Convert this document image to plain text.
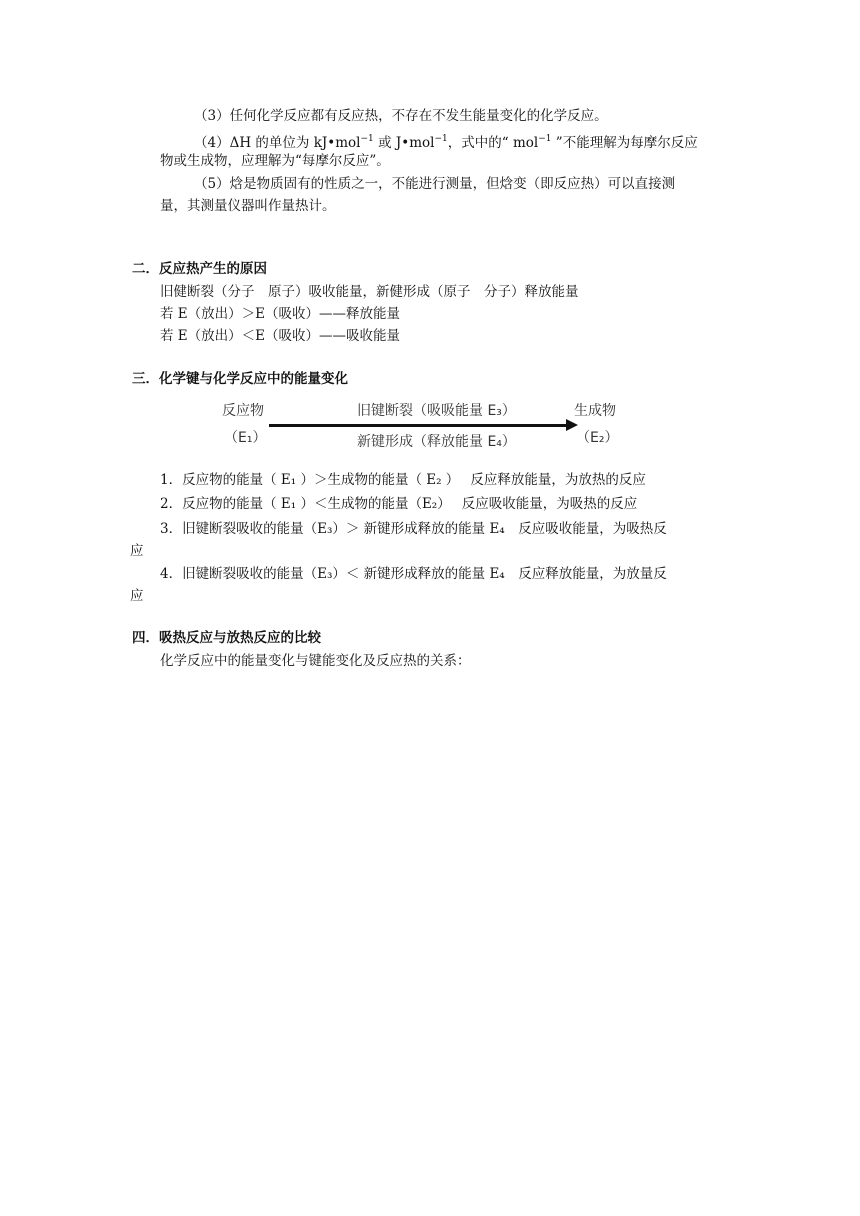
（3）任何化学反应都有反应热，不存在不发生能量变化的化学反应。
（4）ΔH 的单位为 kJ•mol$^{-1}$ 或 J•mol$^{-1}$，式中的“ mol$^{-1}$ ”不能理解为每摩尔反应
物或生成物，应理解为“每摩尔反应”。
（5）焓是物质固有的性质之一，不能进行测量，但焓变（即反应热）可以直接测
量，其测量仪器叫作量热计。
二．反应热产生的原因
旧健断裂（分子　原子）吸收能量，新健形成（原子　分子）释放能量
若 E（放出）＞E（吸收）——释放能量
若 E（放出）＜E（吸收）——吸收能量
三．化学键与化学反应中的能量变化
反应物
（E₁）
旧键断裂（吸吸能量 E₃）
新键形成（释放能量 E₄）
生成物
（E₂）
1．反应物的能量（ E₁ ）＞生成物的能量（ E₂ ）　 反应释放能量，为放热的反应
2．反应物的能量（ E₁ ）＜生成物的能量（E₂）　 反应吸收能量，为吸热的反应
3．旧键断裂吸收的能量（E₃）＞ 新键形成释放的能量 E₄　反应吸收能量，为吸热反
应
4．旧键断裂吸收的能量（E₃）＜ 新键形成释放的能量 E₄　反应释放能量，为放量反
应
四．吸热反应与放热反应的比较
化学反应中的能量变化与键能变化及反应热的关系：
